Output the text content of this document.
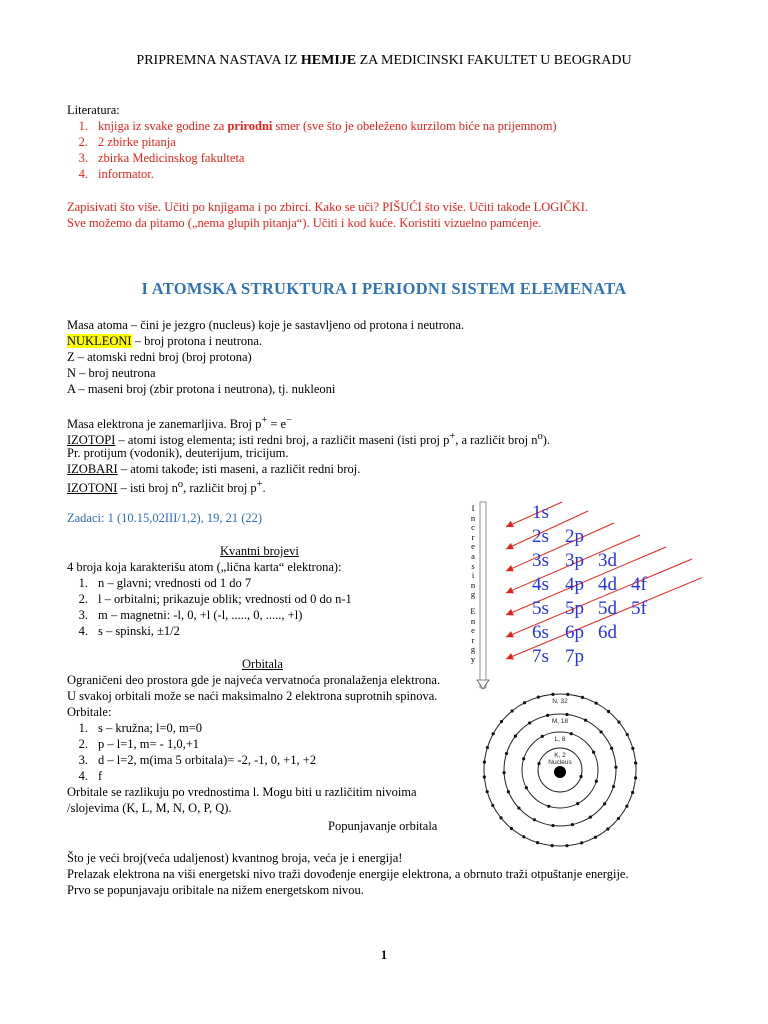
PRIPREMNA NASTAVA IZ HEMIJE ZA MEDICINSKI FAKULTET U BEOGRADU
Literatura:
1. knjiga iz svake godine za prirodni smer (sve što je obeleženo kurzilom biće na prijemnom)
2. 2 zbirke pitanja
3. zbirka Medicinskog fakulteta
4. informator.
Zapisivati što više. Učiti po knjigama i po zbirci. Kako se uči? PIŠUĆI što više. Učiti takođe LOGIČKI.
Sve možemo da pitamo („nema glupih pitanja“). Učiti i kod kuće. Koristiti vizuelno pamćenje.
I ATOMSKA STRUKTURA I PERIODNI SISTEM ELEMENATA
Masa atoma – čini je jezgro (nucleus) koje je sastavljeno od protona i neutrona.
NUKLEONI – broj protona i neutrona.
Z – atomski redni broj (broj protona)
N – broj neutrona
A – maseni broj (zbir protona i neutrona), tj. nukleoni
Masa elektrona je zanemarljiva. Broj p+ = e−
IZOTOPI – atomi istog elementa; isti redni broj, a različit maseni (isti proj p+, a različit broj $n^o$).
Pr. protijum (vodonik), deuterijum, tricijum.
IZOBARI – atomi takođe; isti maseni, a različit redni broj.
IZOTONI – isti broj $n^o$, različit broj p+.
Zadaci: 1 (10.15,02III/1,2), 19, 21 (22)
Kvantni brojevi
4 broja koja karakterišu atom („lična karta“ elektrona):
1. n – glavni; vrednosti od 1 do 7
2. l – orbitalni; prikazuje oblik; vrednosti od 0 do n-1
3. m – magnetni: -l, 0, +l (-l, ....., 0, ....., +l)
4. s – spinski, ±1/2
Orbitala
Ograničeni deo prostora gde je najveća vervatnoća pronalaženja elektrona.
U svakoj orbitali može se naći maksimalno 2 elektrona suprotnih spinova.
Orbitale:
1. s – kružna; l=0, m=0
2. p – l=1, m= - 1,0,+1
3. d – l=2, m(ima 5 orbitala)= -2, -1, 0, +1, +2
4. f
Orbitale se razlikuju po vrednostima l. Mogu biti u različitim nivoima
/slojevima (K, L, M, N, O, P, Q).
Popunjavanje orbitala
Što je veći broj(veća udaljenost) kvantnog broja, veća je i energija!
Prelazak elektrona na viši energetski nivo traži dovođenje energije elektrona, a obrnuto traži otpuštanje energije.
Prvo se popunjavaju oribitale na nižem energetskom nivou.
I
n
c
r
e
a
s
i
n
g
E
n
e
r
g
y
1s
2s 2p
3s 3p 3d
4s 4p 4d 4f
5s 5p 5d 5f
6s 6p 6d
7s 7p
N, 32
M, 18
L, 8
K, 2
Nucleus
1
